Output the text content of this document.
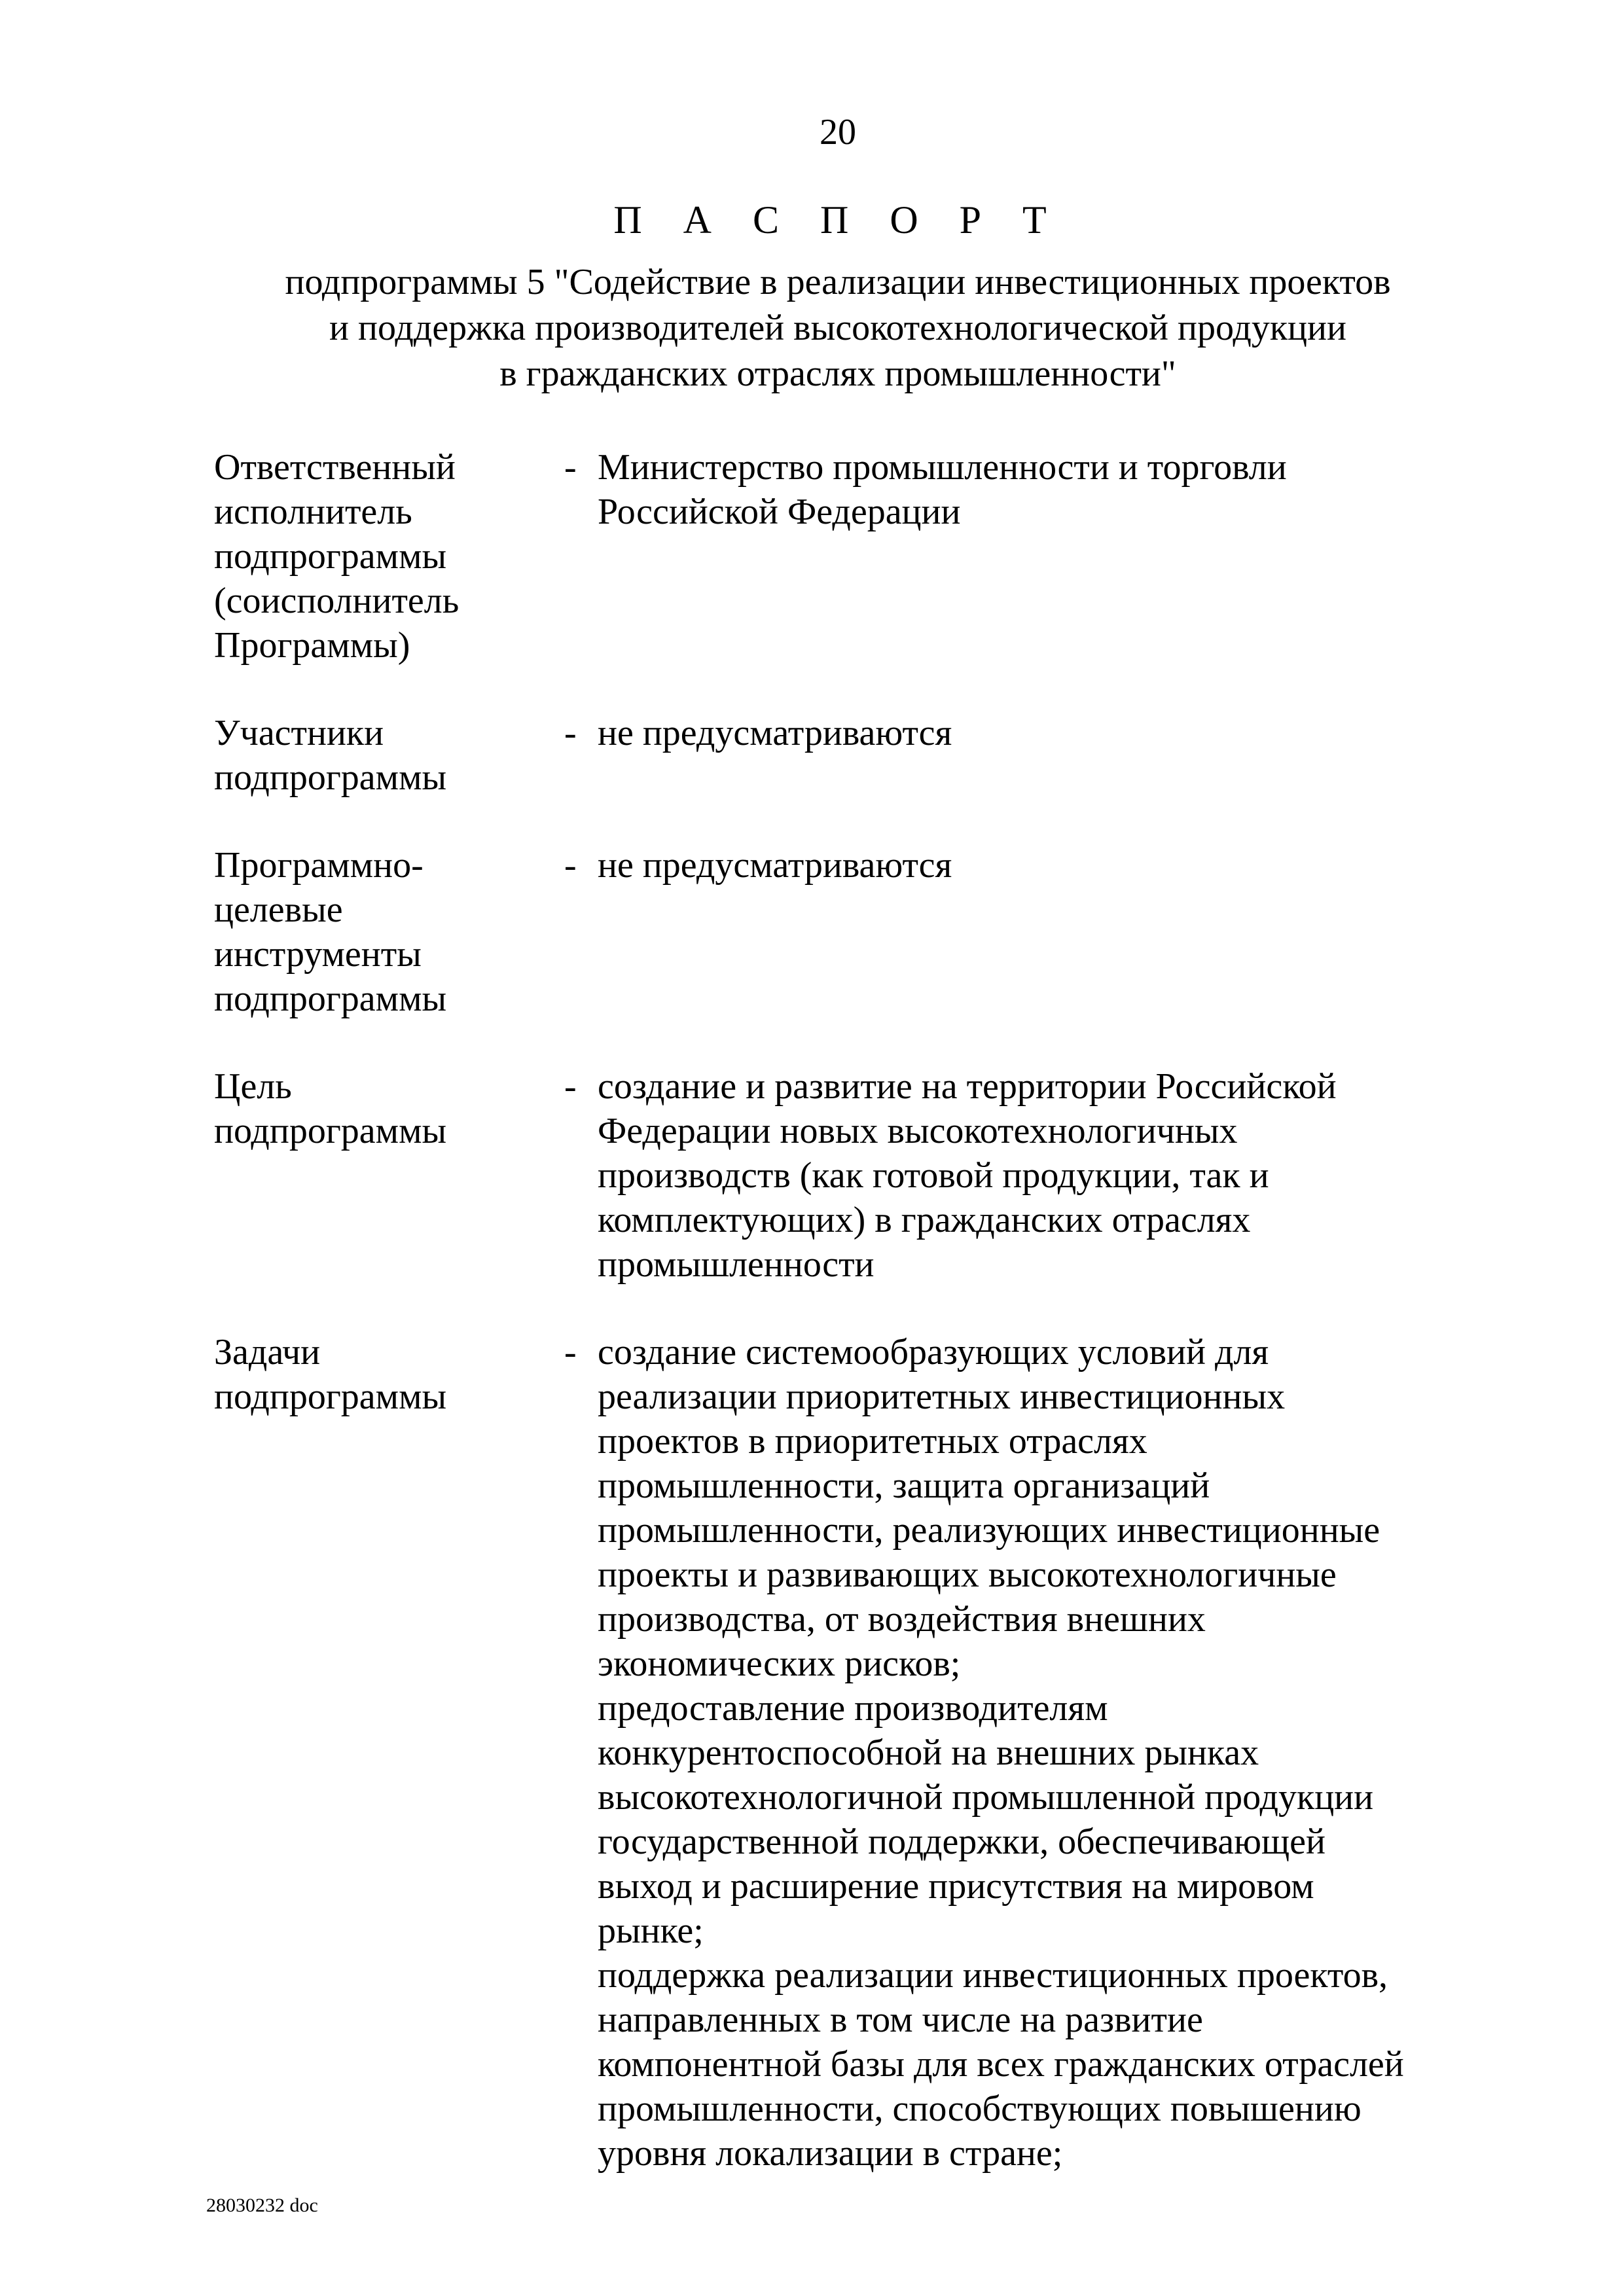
20
П А С П О Р Т
подпрограммы 5 "Содействие в реализации инвестиционных проектов
и поддержка производителей высокотехнологической продукции
в гражданских отраслях промышленности"
Ответственный
исполнитель
подпрограммы
(соисполнитель
Программы)
- Министерство промышленности и торговли
Российской Федерации
Участники
подпрограммы
- не предусматриваются
Программно-
целевые
инструменты
подпрограммы
- не предусматриваются
Цель
подпрограммы
- создание и развитие на территории Российской
Федерации новых высокотехнологичных
производств (как готовой продукции, так и
комплектующих) в гражданских отраслях
промышленности
Задачи
подпрограммы
- создание системообразующих условий для
реализации приоритетных инвестиционных
проектов в приоритетных отраслях
промышленности, защита организаций
промышленности, реализующих инвестиционные
проекты и развивающих высокотехнологичные
производства, от воздействия внешних
экономических рисков;
предоставление производителям
конкурентоспособной на внешних рынках
высокотехнологичной промышленной продукции
государственной поддержки, обеспечивающей
выход и расширение присутствия на мировом
рынке;
поддержка реализации инвестиционных проектов,
направленных в том числе на развитие
компонентной базы для всех гражданских отраслей
промышленности, способствующих повышению
уровня локализации в стране;
28030232 doc
